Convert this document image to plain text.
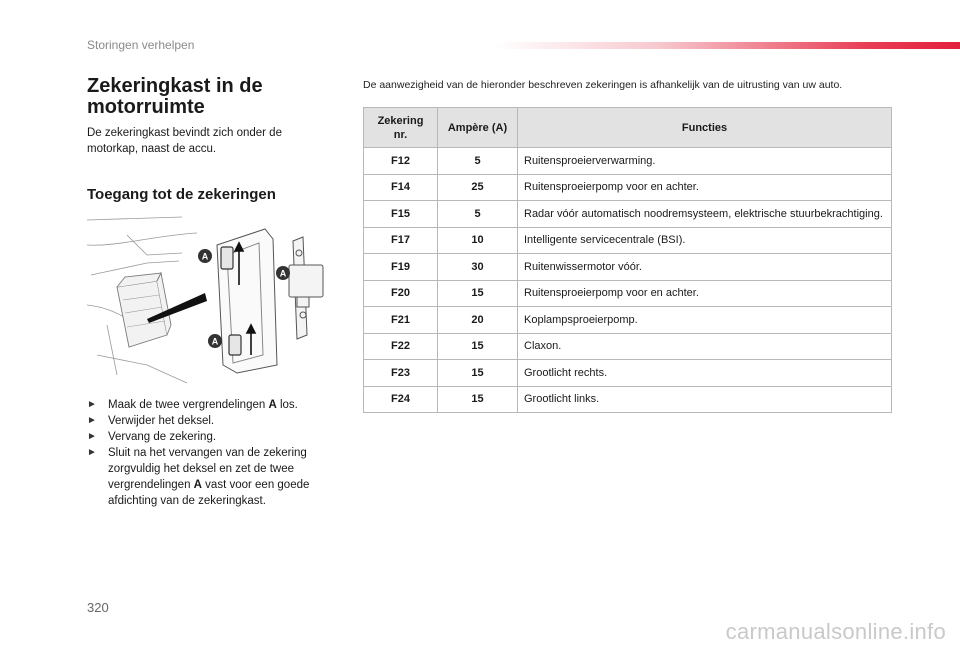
Storingen verhelpen
Zekeringkast in de motorruimte
De zekeringkast bevindt zich onder de motorkap, naast de accu.
Toegang tot de zekeringen
A
A
A
► Maak de twee vergrendelingen A los.
► Verwijder het deksel.
► Vervang de zekering.
► Sluit na het vervangen van de zekering zorgvuldig het deksel en zet de twee vergrendelingen A vast voor een goede afdichting van de zekeringkast.
De aanwezigheid van de hieronder beschreven zekeringen is afhankelijk van de uitrusting van uw auto.
Zekering nr.	Ampère (A)	Functies
F12	5	Ruitensproeierverwarming.
F14	25	Ruitensproeierpomp voor en achter.
F15	5	Radar vóór automatisch noodremsysteem, elektrische stuurbekrachtiging.
F17	10	Intelligente servicecentrale (BSI).
F19	30	Ruitenwissermotor vóór.
F20	15	Ruitensproeierpomp voor en achter.
F21	20	Koplampsproeierpomp.
F22	15	Claxon.
F23	15	Grootlicht rechts.
F24	15	Grootlicht links.
320
carmanualsonline.info
